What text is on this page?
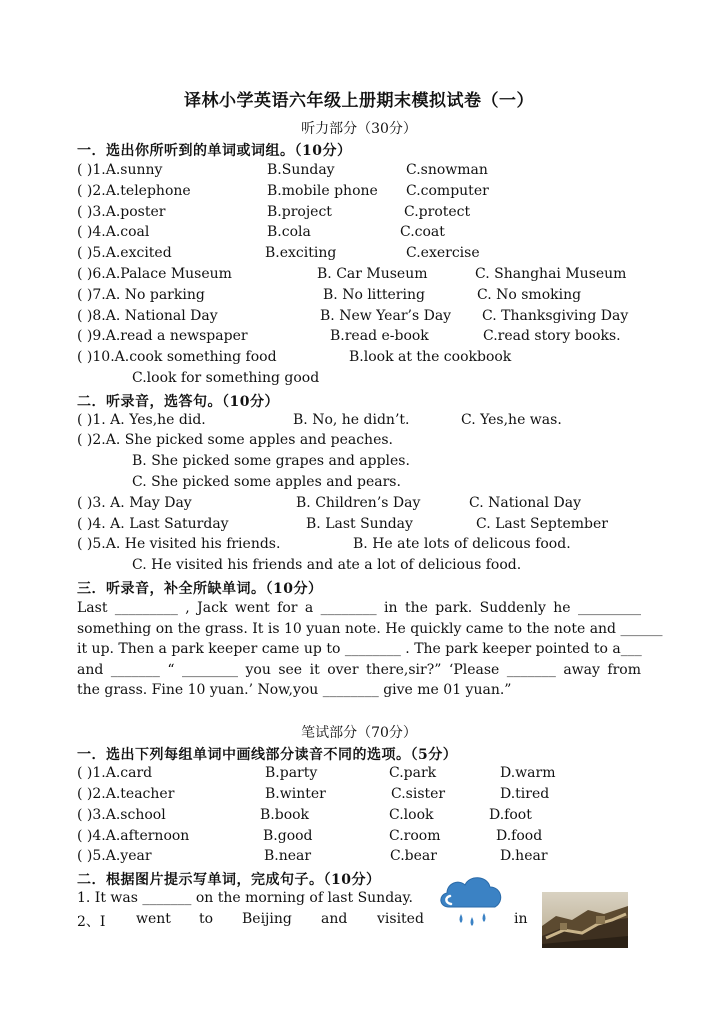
译林小学英语六年级上册期末模拟试卷（一）
听力部分（30分）
一．选出你所听到的单词或词组。（10分）
( )1.A.sunny	B.Sunday	C.snowman
( )2.A.telephone	B.mobile phone C.computer
( )3.A.poster	B.project	C.protect
( )4.A.coal	B.cola	C.coat
( )5.A.excited	B.exciting	C.exercise
( )6.A.Palace Museum	B. Car Museum	C. Shanghai Museum
( )7.A. No parking	B. No littering	C. No smoking
( )8.A. National Day	B. New Year’s Day C. Thanksgiving Day
( )9.A.read a newspaper	B.read e-book	C.read story books.
( )10.A.cook something food	B.look at the cookbook
C.look for something good
二．听录音，选答句。（10分）
( )1. A. Yes,he did.	B. No, he didn’t.	C. Yes,he was.
( )2.A. She picked some apples and peaches.
B. She picked some grapes and apples.
C. She picked some apples and pears.
( )3. A. May Day	B. Children’s Day	C. National Day
( )4. A. Last Saturday	B. Last Sunday	C. Last September
( )5.A. He visited his friends.	B. He ate lots of delicous food.
C. He visited his friends and ate a lot of delicious food.
三．听录音，补全所缺单词。（10分）

Last _________ , Jack went for a ________ in the park. Suddenly he _________

something on the grass. It is 10 yuan note. He quickly came to the note and ______

it up. Then a park keeper came up to ________ . The park keeper pointed to a___

and _______ “ ________ you see it over there,sir?” ‘Please _______ away from

the grass. Fine 10 yuan.’ Now,you ________ give me 01 yuan.”

笔试部分（70分）
一．选出下列每组单词中画线部分读音不同的选项。（5分）
( )1.A.card	B.party	C.park	D.warm
( )2.A.teacher	B.winter	C.sister	D.tired
( )3.A.school	B.book	C.look	D.foot
( )4.A.afternoon	B.good	C.room	D.food
( )5.A.year	B.near	C.bear	D.hear
二．根据图片提示写单词，完成句子。（10分）
1. It was _______ on the morning of last Sunday.
2、I went to Beijing and visited	in
